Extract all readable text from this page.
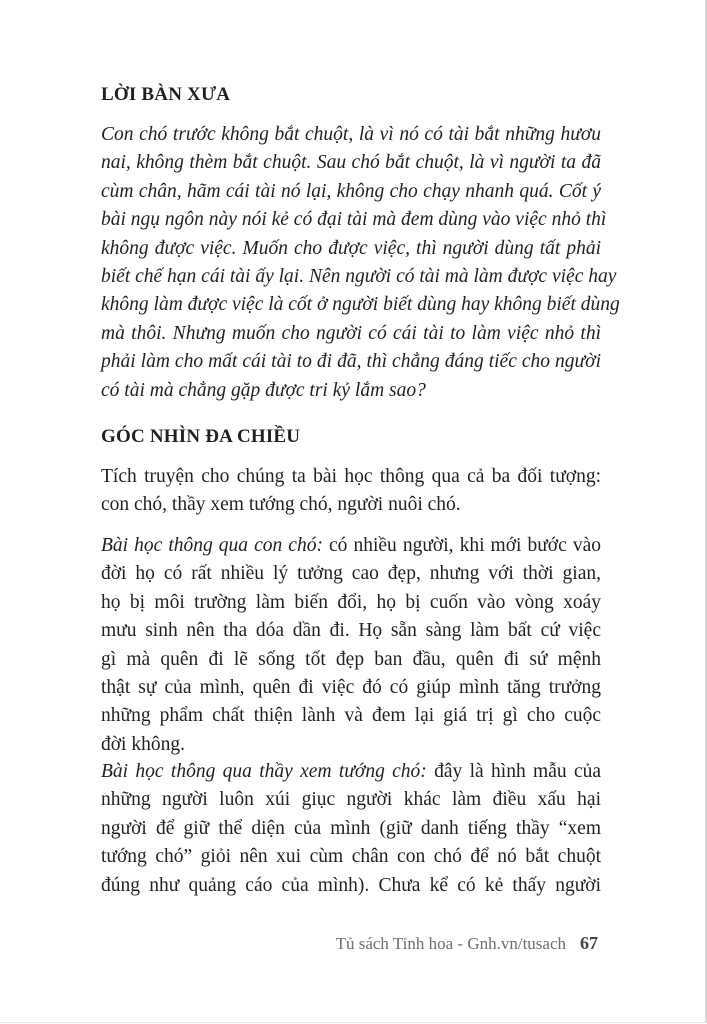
LỜI BÀN XƯA
Con chó trước không bắt chuột, là vì nó có tài bắt những hươu
nai, không thèm bắt chuột. Sau chó bắt chuột, là vì người ta đã
cùm chân, hãm cái tài nó lại, không cho chạy nhanh quá. Cốt ý
bài ngụ ngôn này nói kẻ có đại tài mà đem dùng vào việc nhỏ thì
không được việc. Muốn cho được việc, thì người dùng tất phải
biết chế hạn cái tài ấy lại. Nên người có tài mà làm được việc hay
không làm được việc là cốt ở người biết dùng hay không biết dùng
mà thôi. Nhưng muốn cho người có cái tài to làm việc nhỏ thì
phải làm cho mất cái tài to đi đã, thì chẳng đáng tiếc cho người
có tài mà chẳng gặp được tri kỷ lắm sao?
GÓC NHÌN ĐA CHIỀU
Tích truyện cho chúng ta bài học thông qua cả ba đối tượng:
con chó, thầy xem tướng chó, người nuôi chó.
Bài học thông qua con chó: có nhiều người, khi mới bước vào
đời họ có rất nhiều lý tưởng cao đẹp, nhưng với thời gian,
họ bị môi trường làm biến đổi, họ bị cuốn vào vòng xoáy
mưu sinh nên tha dóa dần đi. Họ sẵn sàng làm bất cứ việc
gì mà quên đi lẽ sống tốt đẹp ban đầu, quên đi sứ mệnh
thật sự của mình, quên đi việc đó có giúp mình tăng trưởng
những phẩm chất thiện lành và đem lại giá trị gì cho cuộc
đời không.
Bài học thông qua thầy xem tướng chó: đây là hình mẫu của
những người luôn xúi giục người khác làm điều xấu hại
người để giữ thể diện của mình (giữ danh tiếng thầy “xem
tướng chó” giỏi nên xui cùm chân con chó để nó bắt chuột
đúng như quảng cáo của mình). Chưa kể có kẻ thấy người
Tủ sách Tinh hoa - Gnh.vn/tusach 67
